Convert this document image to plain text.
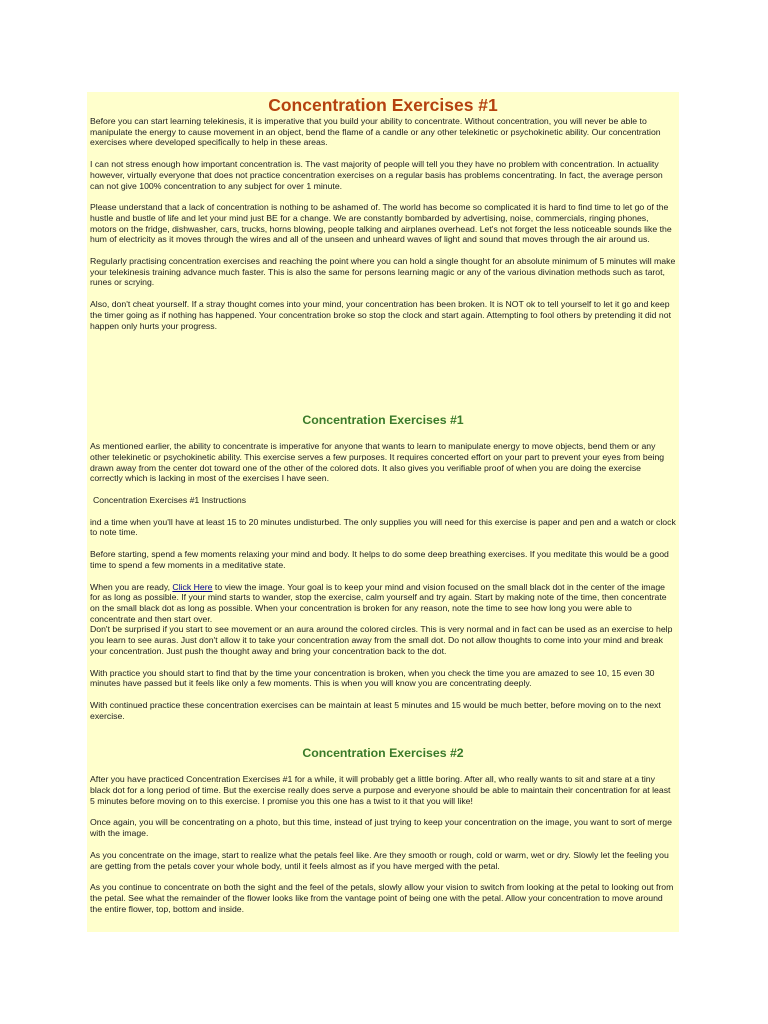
Concentration Exercises #1

Before you can start learning telekinesis, it is imperative that you build your ability to concentrate. Without concentration, you will never be able to manipulate the energy to cause movement in an object, bend the flame of a candle or any other telekinetic or psychokinetic ability. Our concentration exercises where developed specifically to help in these areas.

I can not stress enough how important concentration is. The vast majority of people will tell you they have no problem with concentration. In actuality however, virtually everyone that does not practice concentration exercises on a regular basis has problems concentrating. In fact, the average person can not give 100% concentration to any subject for over 1 minute.

Please understand that a lack of concentration is nothing to be ashamed of. The world has become so complicated it is hard to find time to let go of the hustle and bustle of life and let your mind just BE for a change. We are constantly bombarded by advertising, noise, commercials, ringing phones, motors on the fridge, dishwasher, cars, trucks, horns blowing, people talking and airplanes overhead. Let's not forget the less noticeable sounds like the hum of electricity as it moves through the wires and all of the unseen and unheard waves of light and sound that moves through the air around us.

Regularly practising concentration exercises and reaching the point where you can hold a single thought for an absolute minimum of 5 minutes will make your telekinesis training advance much faster. This is also the same for persons learning magic or any of the various divination methods such as tarot, runes or scrying.

Also, don't cheat yourself. If a stray thought comes into your mind, your concentration has been broken. It is NOT ok to tell yourself to let it go and keep the timer going as if nothing has happened. Your concentration broke so stop the clock and start again. Attempting to fool others by pretending it did not happen only hurts your progress.

Concentration Exercises #1

As mentioned earlier, the ability to concentrate is imperative for anyone that wants to learn to manipulate energy to move objects, bend them or any other telekinetic or psychokinetic ability. This exercise serves a few purposes. It requires concerted effort on your part to prevent your eyes from being drawn away from the center dot toward one of the other of the colored dots. It also gives you verifiable proof of when you are doing the exercise correctly which is lacking in most of the exercises I have seen.

Concentration Exercises #1 Instructions

ind a time when you'll have at least 15 to 20 minutes undisturbed. The only supplies you will need for this exercise is paper and pen and a watch or clock to note time.

Before starting, spend a few moments relaxing your mind and body. It helps to do some deep breathing exercises. If you meditate this would be a good time to spend a few moments in a meditative state.

When you are ready, Click Here to view the image. Your goal is to keep your mind and vision focused on the small black dot in the center of the image for as long as possible. If your mind starts to wander, stop the exercise, calm yourself and try again. Start by making note of the time, then concentrate on the small black dot as long as possible. When your concentration is broken for any reason, note the time to see how long you were able to concentrate and then start over.

Don't be surprised if you start to see movement or an aura around the colored circles. This is very normal and in fact can be used as an exercise to help you learn to see auras. Just don't allow it to take your concentration away from the small dot. Do not allow thoughts to come into your mind and break your concentration. Just push the thought away and bring your concentration back to the dot.

With practice you should start to find that by the time your concentration is broken, when you check the time you are amazed to see 10, 15 even 30 minutes have passed but it feels like only a few moments. This is when you will know you are concentrating deeply.

With continued practice these concentration exercises can be maintain at least 5 minutes and 15 would be much better, before moving on to the next exercise.

Concentration Exercises #2

After you have practiced Concentration Exercises #1 for a while, it will probably get a little boring. After all, who really wants to sit and stare at a tiny black dot for a long period of time. But the exercise really does serve a purpose and everyone should be able to maintain their concentration for at least 5 minutes before moving on to this exercise. I promise you this one has a twist to it that you will like!

Once again, you will be concentrating on a photo, but this time, instead of just trying to keep your concentration on the image, you want to sort of merge with the image.

As you concentrate on the image, start to realize what the petals feel like. Are they smooth or rough, cold or warm, wet or dry. Slowly let the feeling you are getting from the petals cover your whole body, until it feels almost as if you have merged with the petal.

As you continue to concentrate on both the sight and the feel of the petals, slowly allow your vision to switch from looking at the petal to looking out from the petal. See what the remainder of the flower looks like from the vantage point of being one with the petal. Allow your concentration to move around the entire flower, top, bottom and inside.
